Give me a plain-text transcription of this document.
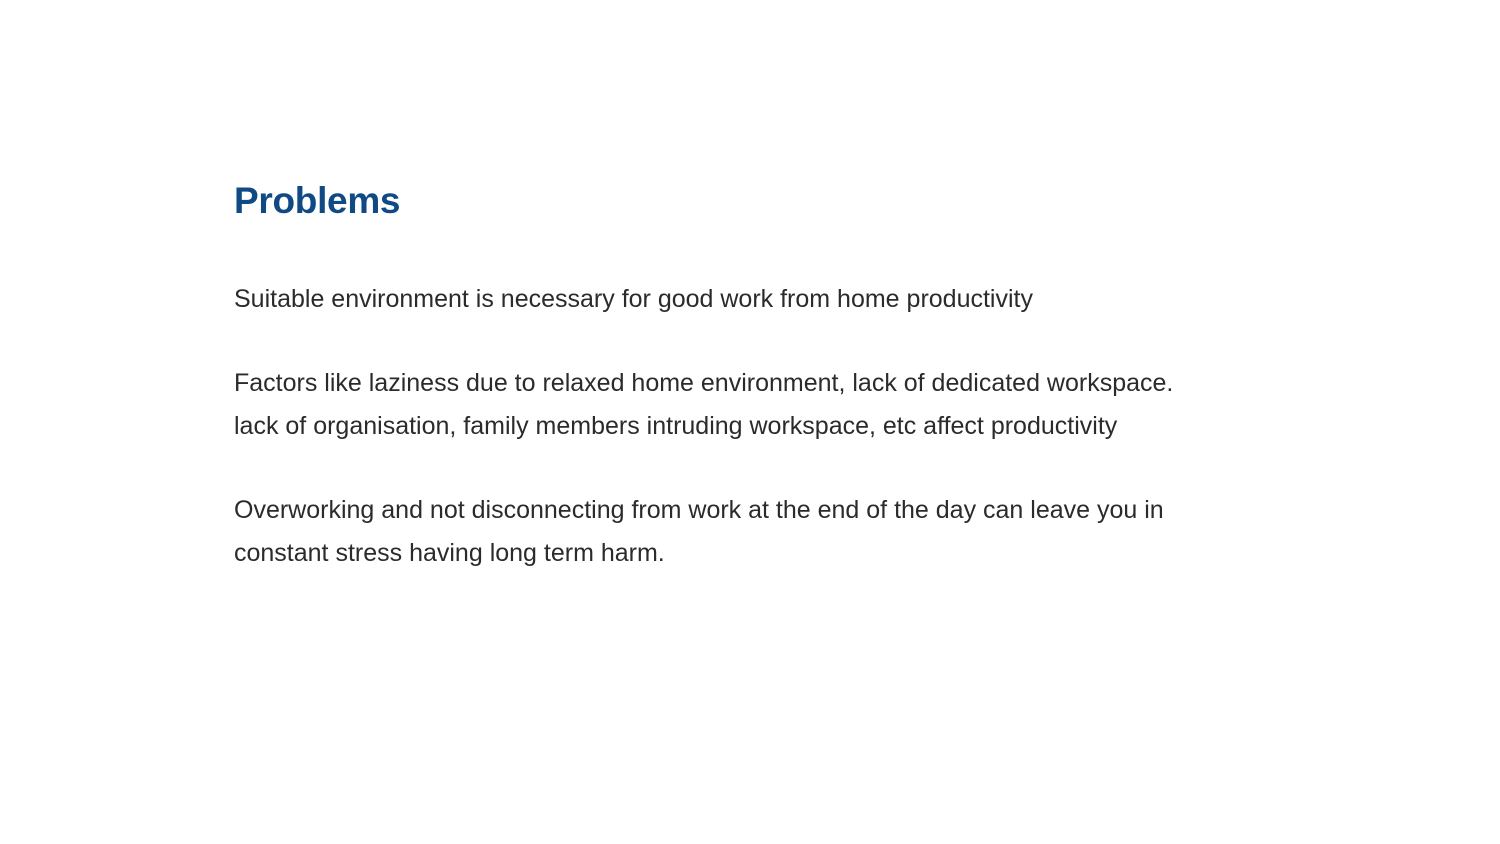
Problems

Suitable environment is necessary for good work from home productivity

Factors like laziness due to relaxed home environment, lack of dedicated workspace.
lack of organisation, family members intruding workspace, etc affect productivity

Overworking and not disconnecting from work at the end of the day can leave you in
constant stress having long term harm.
